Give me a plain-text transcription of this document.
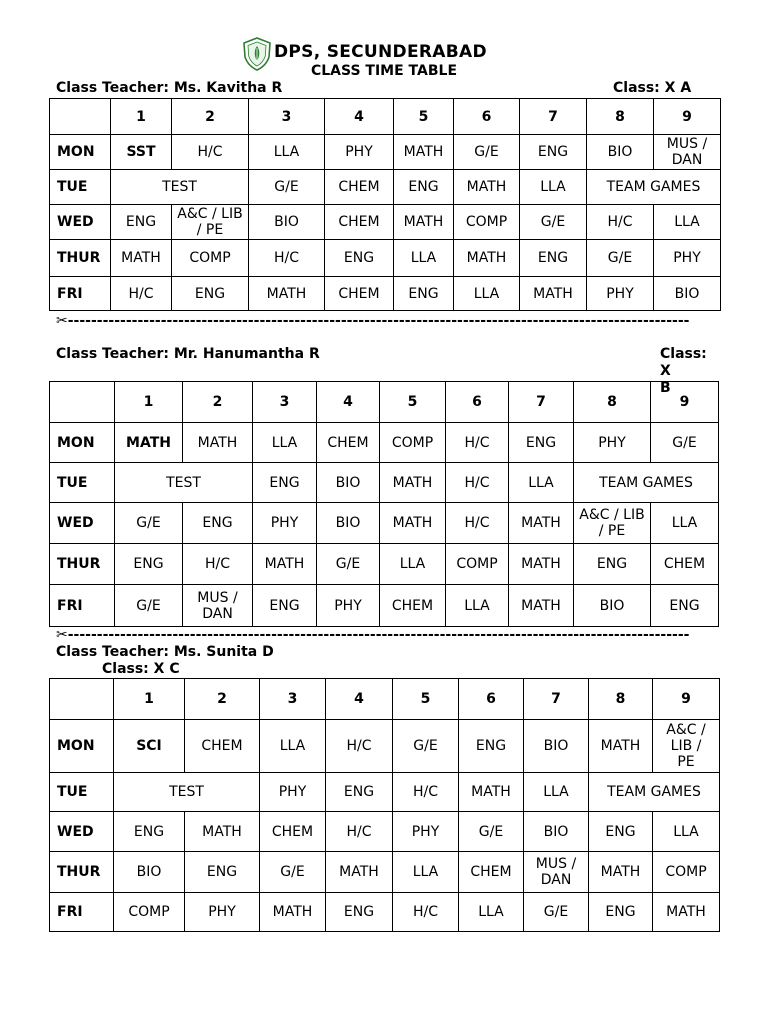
DPS, SECUNDERABAD
CLASS TIME TABLE
Class Teacher: Ms. Kavitha R	Class: X A
	1	2	3	4	5	6	7	8	9
MON	SST	H/C	LLA	PHY	MATH	G/E	ENG	BIO	MUS / DAN
TUE	TEST		G/E	CHEM	ENG	MATH	LLA	TEAM GAMES	
WED	ENG	A&C / LIB / PE	BIO	CHEM	MATH	COMP	G/E	H/C	LLA
THUR	MATH	COMP	H/C	ENG	LLA	MATH	ENG	G/E	PHY
FRI	H/C	ENG	MATH	CHEM	ENG	LLA	MATH	PHY	BIO
✂-----------------------------------------------------------------------------------------------------------
Class Teacher: Mr. Hanumantha R	Class: X B
	1	2	3	4	5	6	7	8	9
MON	MATH	MATH	LLA	CHEM	COMP	H/C	ENG	PHY	G/E
TUE	TEST		ENG	BIO	MATH	H/C	LLA	TEAM GAMES	
WED	G/E	ENG	PHY	BIO	MATH	H/C	MATH	A&C / LIB / PE	LLA
THUR	ENG	H/C	MATH	G/E	LLA	COMP	MATH	ENG	CHEM
FRI	G/E	MUS / DAN	ENG	PHY	CHEM	LLA	MATH	BIO	ENG
✂----------------------------------------------------------------------------------------------------------- Class Teacher: Ms. Sunita D
Class: X C
	1	2	3	4	5	6	7	8	9
MON	SCI	CHEM	LLA	H/C	G/E	ENG	BIO	MATH	A&C / LIB / PE
TUE	TEST		PHY	ENG	H/C	MATH	LLA	TEAM GAMES	
WED	ENG	MATH	CHEM	H/C	PHY	G/E	BIO	ENG	LLA
THUR	BIO	ENG	G/E	MATH	LLA	CHEM	MUS / DAN	MATH	COMP
FRI	COMP	PHY	MATH	ENG	H/C	LLA	G/E	ENG	MATH
